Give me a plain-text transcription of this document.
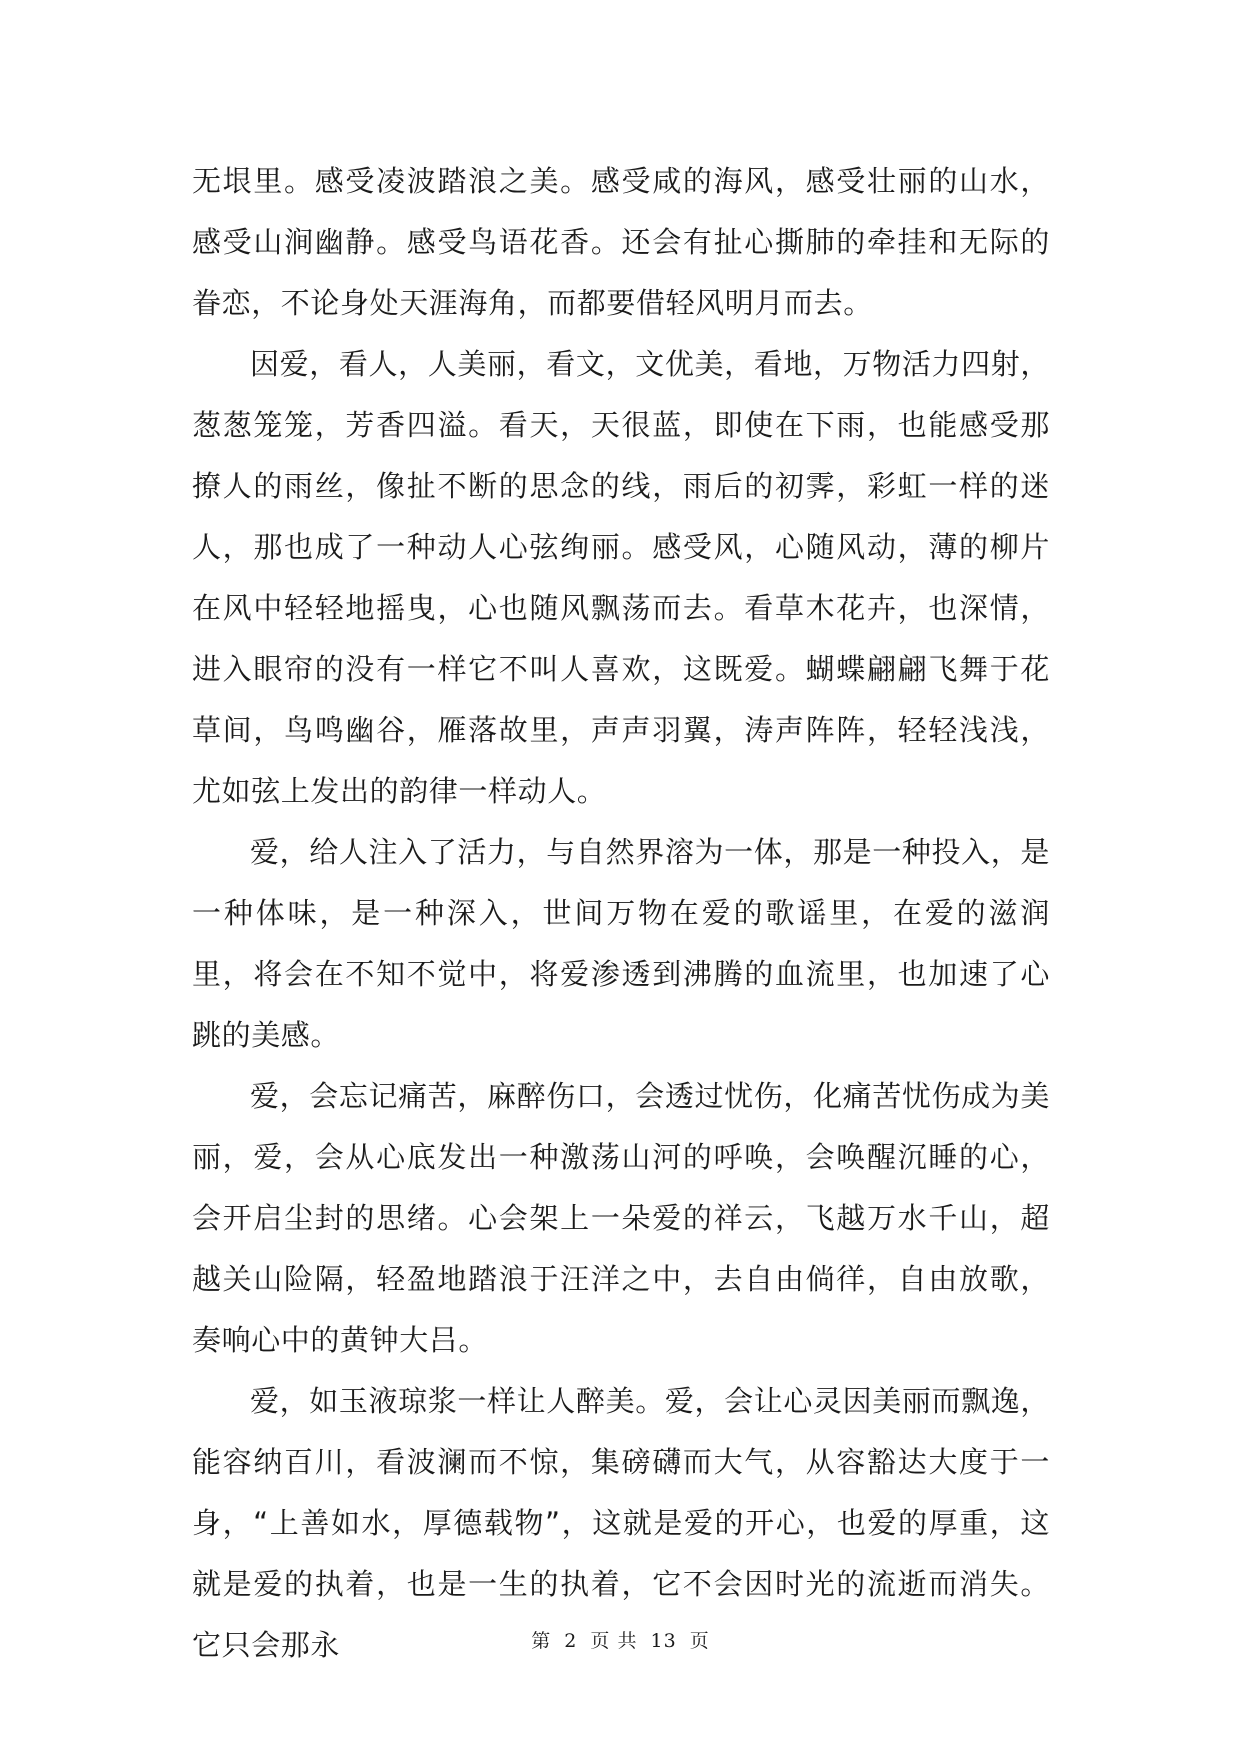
无垠里。感受凌波踏浪之美。感受咸的海风，感受壮丽的山水，感受山涧幽静。感受鸟语花香。还会有扯心撕肺的牵挂和无际的眷恋，不论身处天涯海角，而都要借轻风明月而去。

因爱，看人，人美丽，看文，文优美，看地，万物活力四射，葱葱笼笼，芳香四溢。看天，天很蓝，即使在下雨，也能感受那撩人的雨丝，像扯不断的思念的线，雨后的初霁，彩虹一样的迷人，那也成了一种动人心弦绚丽。感受风，心随风动，薄的柳片在风中轻轻地摇曳，心也随风飘荡而去。看草木花卉，也深情，进入眼帘的没有一样它不叫人喜欢，这既爱。蝴蝶翩翩飞舞于花草间，鸟鸣幽谷，雁落故里，声声羽翼，涛声阵阵，轻轻浅浅，尤如弦上发出的韵律一样动人。

爱，给人注入了活力，与自然界溶为一体，那是一种投入，是一种体味，是一种深入，世间万物在爱的歌谣里，在爱的滋润里，将会在不知不觉中，将爱渗透到沸腾的血流里，也加速了心跳的美感。

爱，会忘记痛苦，麻醉伤口，会透过忧伤，化痛苦忧伤成为美丽，爱，会从心底发出一种激荡山河的呼唤，会唤醒沉睡的心，会开启尘封的思绪。心会架上一朵爱的祥云，飞越万水千山，超越关山险隔，轻盈地踏浪于汪洋之中，去自由倘徉，自由放歌，奏响心中的黄钟大吕。

爱，如玉液琼浆一样让人醉美。爱，会让心灵因美丽而飘逸，能容纳百川，看波澜而不惊，集磅礴而大气，从容豁达大度于一身，“上善如水，厚德载物”，这就是爱的开心，也爱的厚重，这就是爱的执着，也是一生的执着，它不会因时光的流逝而消失。它只会那永	第 2 页 共 13 页
